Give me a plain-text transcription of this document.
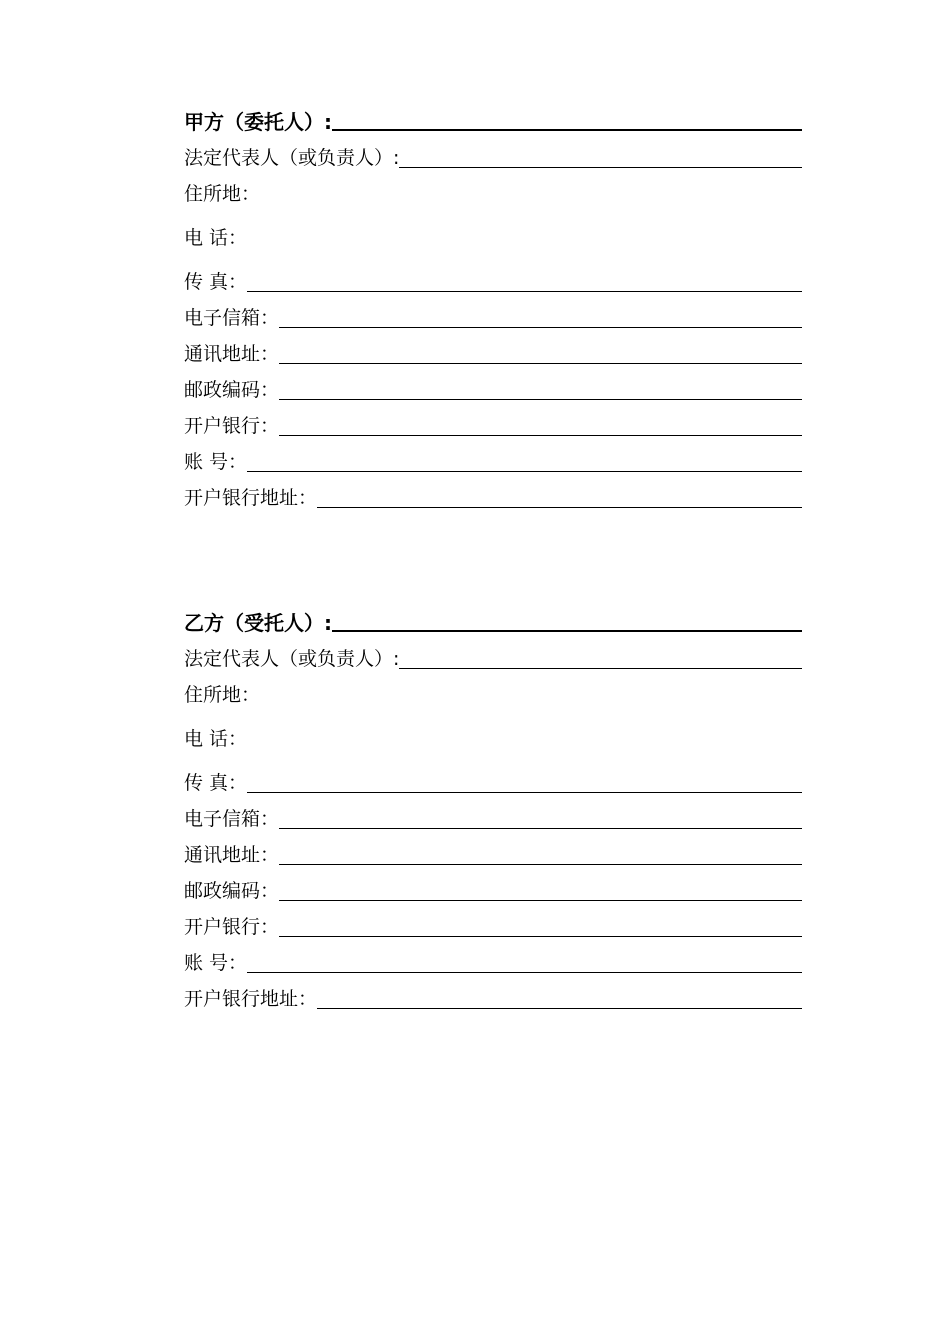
甲方（委托人）:
法定代表人（或负责人）:
住所地：
电 话：
传 真：
电子信箱：
通讯地址：
邮政编码：
开户银行：
账 号：
开户银行地址：
乙方（受托人）:
法定代表人（或负责人）:
住所地：
电 话：
传 真：
电子信箱：
通讯地址：
邮政编码：
开户银行：
账 号：
开户银行地址：
